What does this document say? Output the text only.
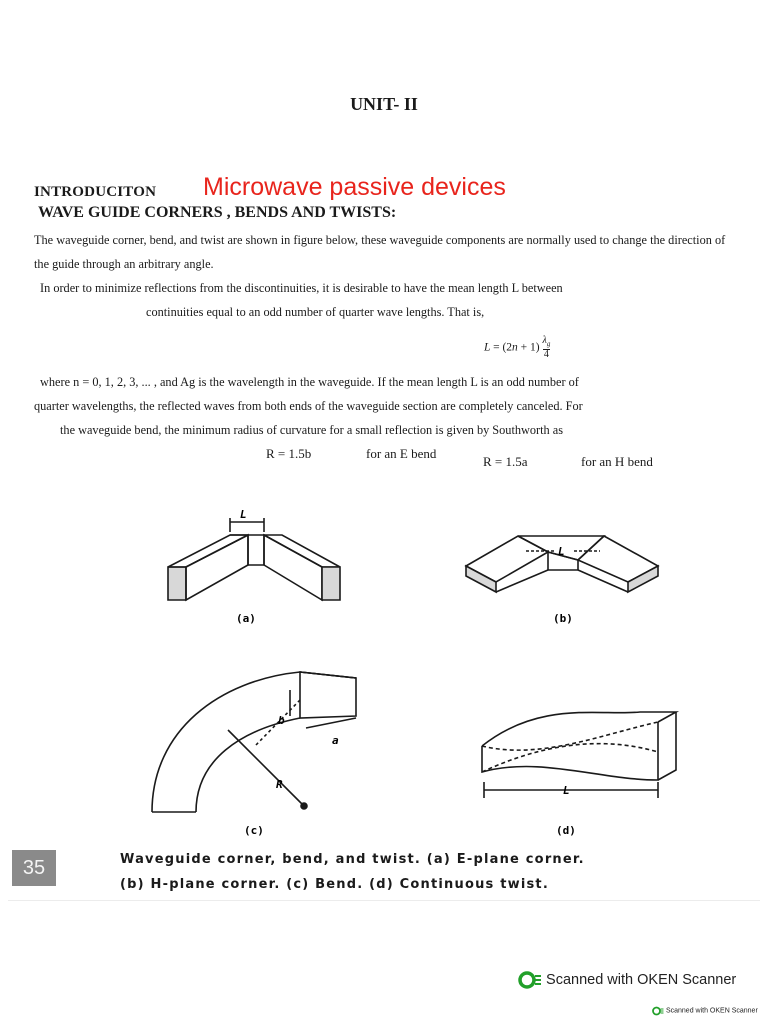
UNIT- II
INTRODUCITON Microwave passive devices
WAVE GUIDE CORNERS , BENDS AND TWISTS:
The waveguide corner, bend, and twist are shown in figure below, these waveguide components are normally used to change the direction of the guide through an arbitrary angle.
In order to minimize reflections from the discontinuities, it is desirable to have the mean length L between
continuities equal to an odd number of quarter wave lengths. That is,
$L = (2n + 1) \frac{\lambda_g}{4}$
where n = 0, 1, 2, 3, ... , and Ag is the wavelength in the waveguide. If the mean length L is an odd number of
quarter wavelengths, the reflected waves from both ends of the waveguide section are completely canceled. For
the waveguide bend, the minimum radius of curvature for a small reflection is given by Southworth as
R = 1.5b	for an E bend
R = 1.5a	for an H bend
L
(a)
L
(b)
b
a
R
(c)
L
(d)
35	Waveguide corner, bend, and twist. (a) E-plane corner.
(b) H-plane corner. (c) Bend. (d) Continuous twist.
Scanned with OKEN Scanner
Scanned with OKEN Scanner
